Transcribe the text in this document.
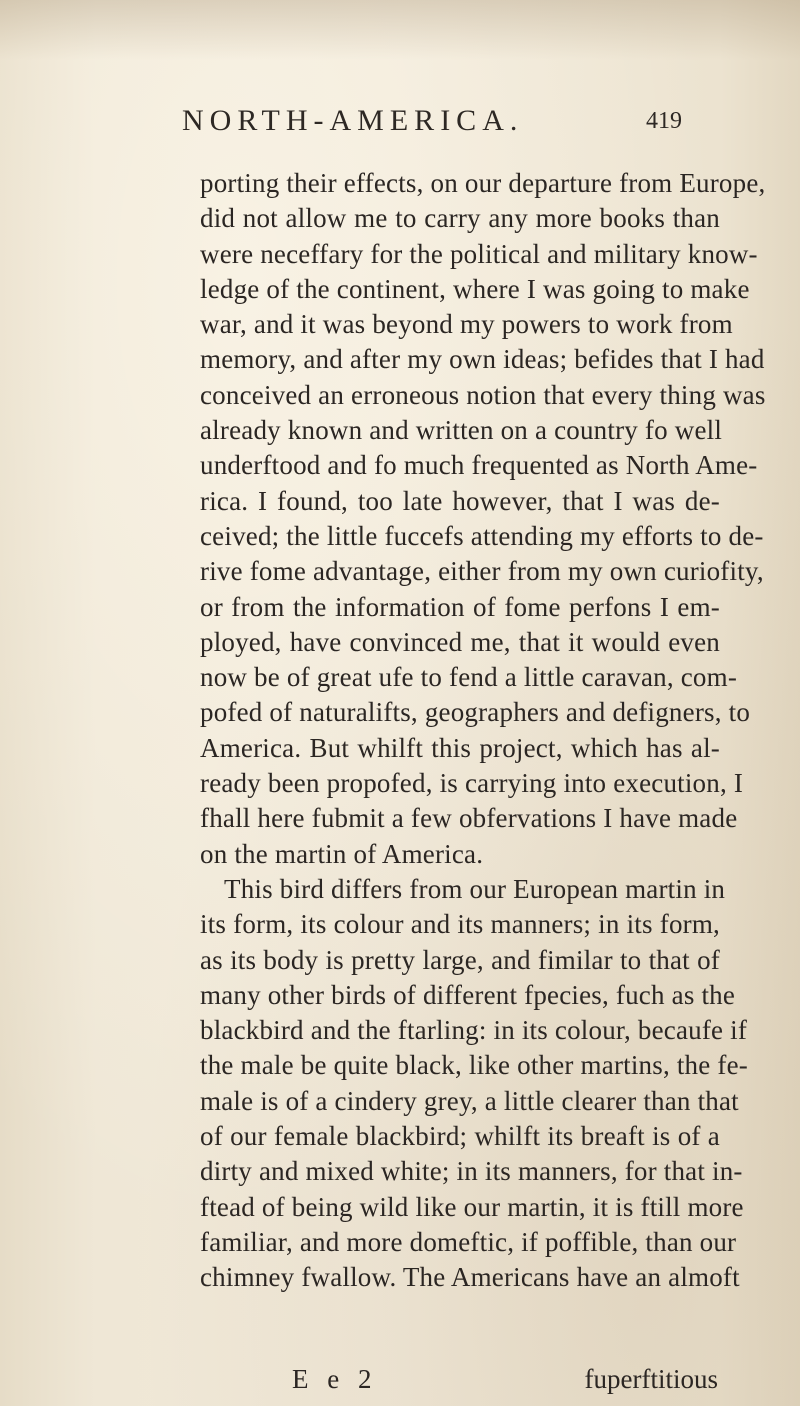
NORTH-AMERICA.	419
porting their effects, on our departure from Europe,
did not allow me to carry any more books than
were neceffary for the political and military know-
ledge of the continent, where I was going to make
war, and it was beyond my powers to work from
memory, and after my own ideas; befides that I had
conceived an erroneous notion that every thing was
already known and written on a country fo well
underftood and fo much frequented as North Ame-
rica. I found, too late however, that I was de-
ceived; the little fuccefs attending my efforts to de-
rive fome advantage, either from my own curiofity,
or from the information of fome perfons I em-
ployed, have convinced me, that it would even
now be of great ufe to fend a little caravan, com-
pofed of naturalifts, geographers and defigners, to
America. But whilft this project, which has al-
ready been propofed, is carrying into execution, I
fhall here fubmit a few obfervations I have made
on the martin of America.
This bird differs from our European martin in
its form, its colour and its manners; in its form,
as its body is pretty large, and fimilar to that of
many other birds of different fpecies, fuch as the
blackbird and the ftarling: in its colour, becaufe if
the male be quite black, like other martins, the fe-
male is of a cindery grey, a little clearer than that
of our female blackbird; whilft its breaft is of a
dirty and mixed white; in its manners, for that in-
ftead of being wild like our martin, it is ftill more
familiar, and more domeftic, if poffible, than our
chimney fwallow. The Americans have an almoft
E e 2	fuperftitious
